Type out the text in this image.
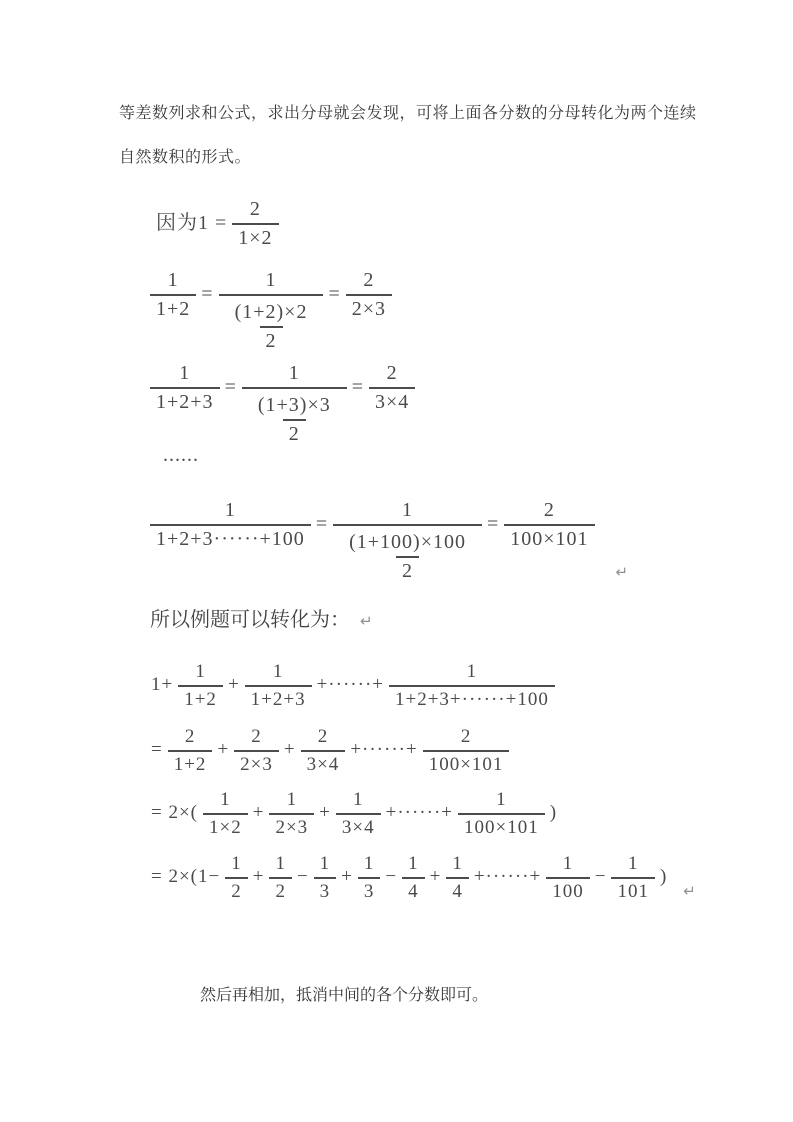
等差数列求和公式，求出分母就会发现，可将上面各分数的分母转化为两个连续
自然数积的形式。
因为$1 = \frac{2}{1\times 2}$
$\frac{1}{1+2} = \frac{1}{\frac{(1+2)\times 2}{2}} = \frac{2}{2\times 3}$
$\frac{1}{1+2+3} = \frac{1}{\frac{(1+3)\times 3}{2}} = \frac{2}{3\times 4}$
......
$\frac{1}{1+2+3\cdot\cdot\cdot\cdot\cdot\cdot+100} = \frac{1}{\frac{(1+100)\times 100}{2}} = \frac{2}{100\times 101}$
↵
所以例题可以转化为： ↵
$1+ \frac{1}{1+2} + \frac{1}{1+2+3}$ +······+ $\frac{1}{1+2+3+\cdot\cdot\cdot\cdot\cdot\cdot+100}$
= $\frac{2}{1+2} + \frac{2}{2\times 3} + \frac{2}{3\times 4}$ +······+ $\frac{2}{100\times 101}$
= $2\times( \frac{1}{1\times 2} + \frac{1}{2\times 3} + \frac{1}{3\times 4}$ +······+ $\frac{1}{100\times 101}$ )
= $2\times(1- \frac{1}{2} + \frac{1}{2} - \frac{1}{3} + \frac{1}{3} - \frac{1}{4} + \frac{1}{4}$ +······+ $\frac{1}{100} - \frac{1}{101}$ )
↵
然后再相加，抵消中间的各个分数即可。
